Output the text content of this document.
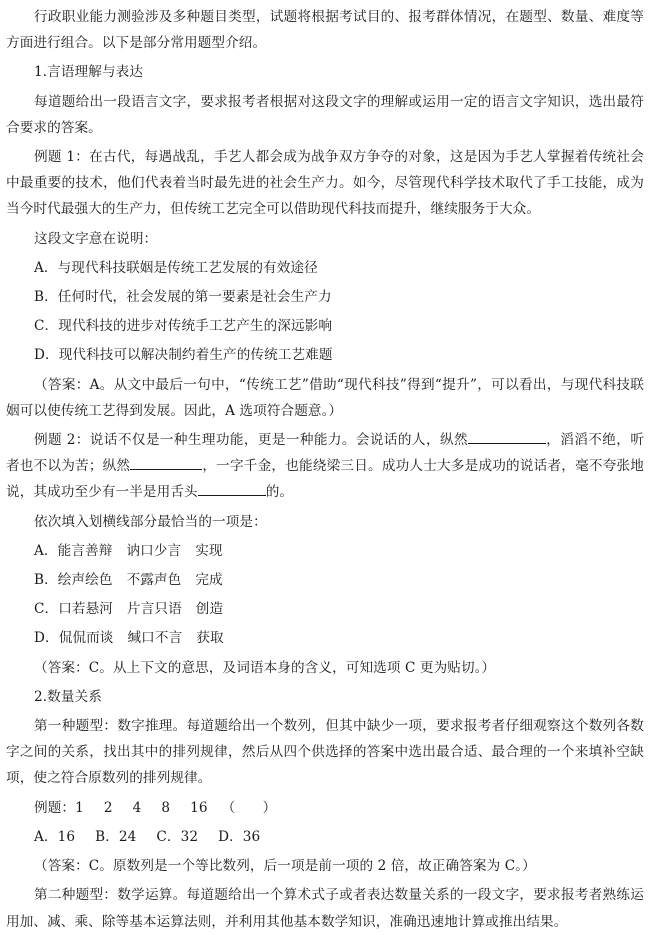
行政职业能力测验涉及多种题目类型，试题将根据考试目的、报考群体情况，在题型、数量、难度等方面进行组合。以下是部分常用题型介绍。

1.言语理解与表达

每道题给出一段语言文字，要求报考者根据对这段文字的理解或运用一定的语言文字知识，选出最符合要求的答案。

例题 1：在古代，每遇战乱，手艺人都会成为战争双方争夺的对象，这是因为手艺人掌握着传统社会中最重要的技术，他们代表着当时最先进的社会生产力。如今，尽管现代科学技术取代了手工技能，成为当今时代最强大的生产力，但传统工艺完全可以借助现代科技而提升，继续服务于大众。

这段文字意在说明：

A．与现代科技联姻是传统工艺发展的有效途径

B．任何时代，社会发展的第一要素是社会生产力

C．现代科技的进步对传统手工艺产生的深远影响

D．现代科技可以解决制约着生产的传统工艺难题

（答案：A。从文中最后一句中，“传统工艺”借助“现代科技”得到“提升”，可以看出，与现代科技联姻可以使传统工艺得到发展。因此，A 选项符合题意。）

例题 2：说话不仅是一种生理功能，更是一种能力。会说话的人，纵然	，滔滔不绝，听者也不以为苦；纵然	，一字千金，也能绕梁三日。成功人士大多是成功的说话者，毫不夸张地说，其成功至少有一半是用舌头	的。

依次填入划横线部分最恰当的一项是：

A．能言善辩 讷口少言 实现

B．绘声绘色 不露声色 完成

C．口若悬河 片言只语 创造

D．侃侃而谈 缄口不言 获取

（答案：C。从上下文的意思，及词语本身的含义，可知选项 C 更为贴切。）

2.数量关系

第一种题型：数字推理。每道题给出一个数列，但其中缺少一项，要求报考者仔细观察这个数列各数字之间的关系，找出其中的排列规律，然后从四个供选择的答案中选出最合适、最合理的一个来填补空缺项，使之符合原数列的排列规律。

例题：1 2 4 8 16 （　　）

A．16 B．24 C．32 D．36

（答案：C。原数列是一个等比数列，后一项是前一项的 2 倍，故正确答案为 C。）

第二种题型：数学运算。每道题给出一个算术式子或者表达数量关系的一段文字，要求报考者熟练运用加、减、乘、除等基本运算法则，并利用其他基本数学知识，准确迅速地计算或推出结果。
